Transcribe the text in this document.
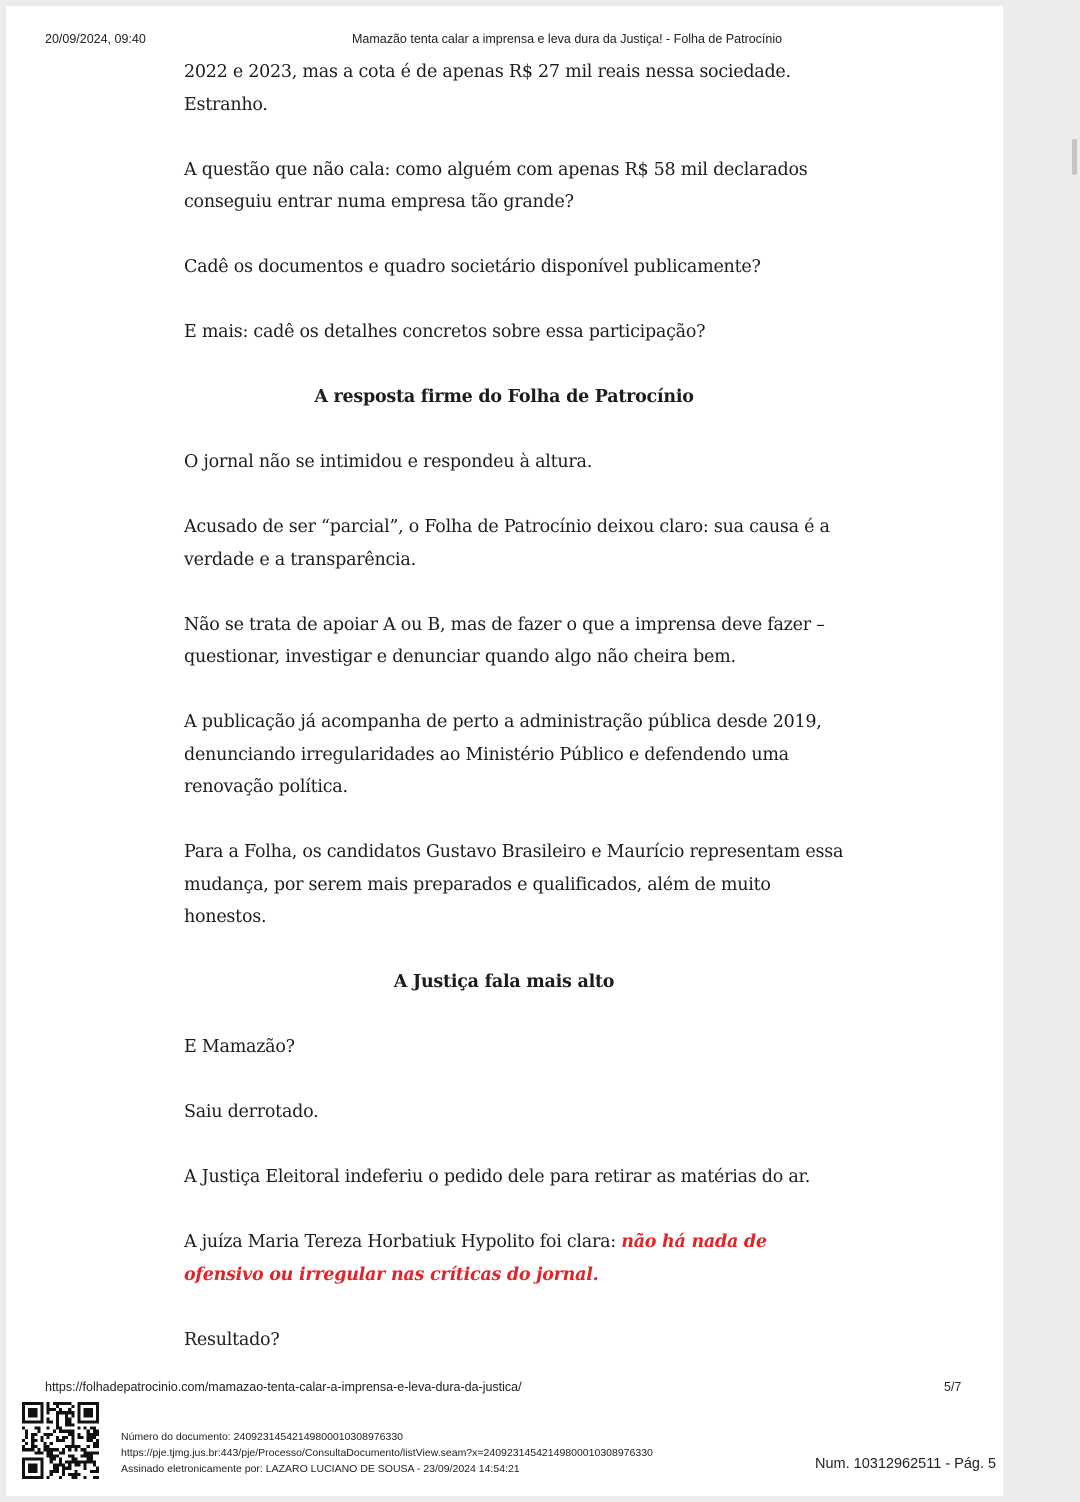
20/09/2024, 09:40	Mamazão tenta calar a imprensa e leva dura da Justiça! - Folha de Patrocínio

2022 e 2023, mas a cota é de apenas R$ 27 mil reais nessa sociedade. Estranho.

A questão que não cala: como alguém com apenas R$ 58 mil declarados conseguiu entrar numa empresa tão grande?

Cadê os documentos e quadro societário disponível publicamente?

E mais: cadê os detalhes concretos sobre essa participação?

A resposta firme do Folha de Patrocínio

O jornal não se intimidou e respondeu à altura.

Acusado de ser “parcial”, o Folha de Patrocínio deixou claro: sua causa é a verdade e a transparência.

Não se trata de apoiar A ou B, mas de fazer o que a imprensa deve fazer – questionar, investigar e denunciar quando algo não cheira bem.

A publicação já acompanha de perto a administração pública desde 2019, denunciando irregularidades ao Ministério Público e defendendo uma renovação política.

Para a Folha, os candidatos Gustavo Brasileiro e Maurício representam essa mudança, por serem mais preparados e qualificados, além de muito honestos.

A Justiça fala mais alto

E Mamazão?

Saiu derrotado.

A Justiça Eleitoral indeferiu o pedido dele para retirar as matérias do ar.

A juíza Maria Tereza Horbatiuk Hypolito foi clara: não há nada de ofensivo ou irregular nas críticas do jornal.

Resultado?

https://folhadepatrocinio.com/mamazao-tenta-calar-a-imprensa-e-leva-dura-da-justica/	5/7
Número do documento: 24092314542149800010308976330
https://pje.tjmg.jus.br:443/pje/Processo/ConsultaDocumento/listView.seam?x=24092314542149800010308976330
Assinado eletronicamente por: LAZARO LUCIANO DE SOUSA - 23/09/2024 14:54:21	Num. 10312962511 - Pág. 5
